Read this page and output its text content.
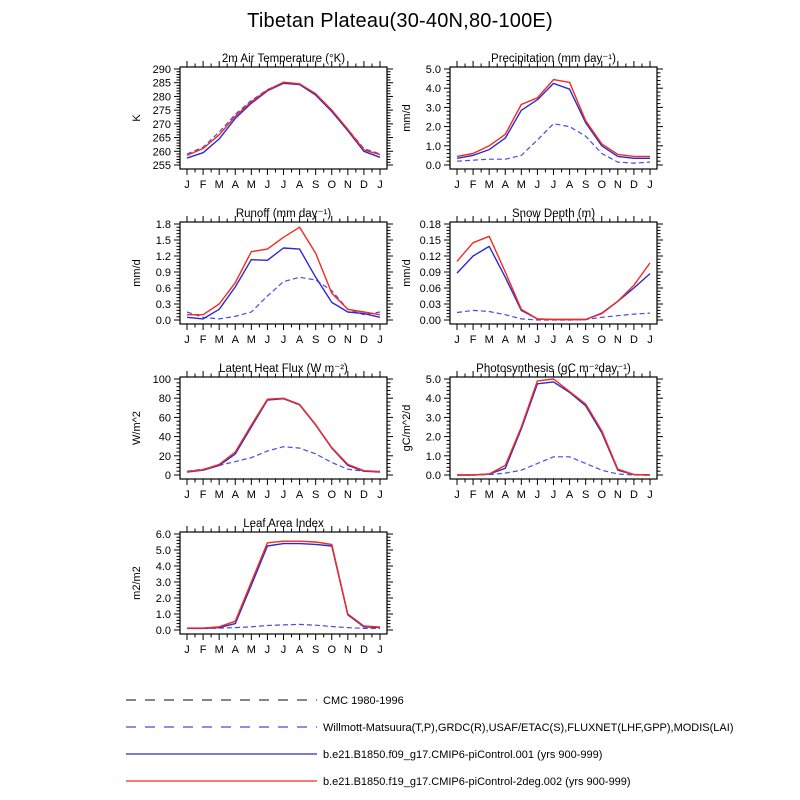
Tibetan Plateau(30-40N,80-100E)
2m Air Temperature (°K)
255
260
265
270
275
280
285
290
J F M A M J J A S O N D J
K
Precipitation (mm day⁻¹)
0.0
1.0
2.0
3.0
4.0
5.0
J F M A M J J A S O N D J
mm/d
Runoff (mm day⁻¹)
0.0
0.3
0.6
0.9
1.2
1.5
1.8
J F M A M J J A S O N D J
mm/d
Snow Depth (m)
0.00
0.03
0.06
0.09
0.12
0.15
0.18
J F M A M J J A S O N D J
mm/d
Latent Heat Flux (W m⁻²)
0
20
40
60
80
100
J F M A M J J A S O N D J
W/m^2
Photosynthesis (gC m⁻²day⁻¹)
0.0
1.0
2.0
3.0
4.0
5.0
J F M A M J J A S O N D J
gC/m^2/d
Leaf Area Index
0.0
1.0
2.0
3.0
4.0
5.0
6.0
J F M A M J J A S O N D J
m2/m2
CMC 1980-1996
Willmott-Matsuura(T,P),GRDC(R),USAF/ETAC(S),FLUXNET(LHF,GPP),MODIS(LAI)
b.e21.B1850.f09_g17.CMIP6-piControl.001 (yrs 900-999)
b.e21.B1850.f19_g17.CMIP6-piControl-2deg.002 (yrs 900-999)
